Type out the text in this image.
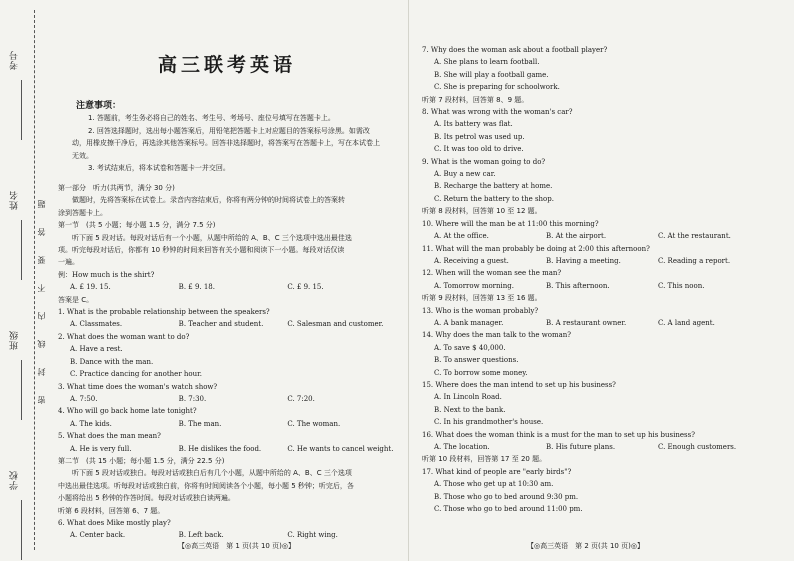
考号
姓名
班级
学校
题
答
要
不
内
线
封
密
高三联考英语
注意事项：

1. 答题前，考生务必将自己的姓名、考生号、考场号、座位号填写在答题卡上。

2. 回答选择题时，选出每小题答案后，用铅笔把答题卡上对应题目的答案标号涂黑。如需改动，用橡皮擦干净后，再选涂其他答案标号。回答非选择题时，将答案写在答题卡上，写在本试卷上无效。

3. 考试结束后，将本试卷和答题卡一并交回。

第一部分　听力(共两节，满分 30 分)
　　做题时，先将答案标在试卷上。录音内容结束后，你将有两分钟的时间将试卷上的答案转
涂到答题卡上。
第一节　(共 5 小题；每小题 1.5 分，满分 7.5 分)
　　听下面 5 段对话。每段对话后有一个小题，从题中所给的 A、B、C 三个选项中选出最佳选
项。听完每段对话后，你都有 10 秒钟的时间来回答有关小题和阅读下一小题。每段对话仅读
一遍。
例：How much is the shirt?
A. £ 19. 15.	B. £ 9. 18.	C. £ 9. 15.
答案是 C。
1. What is the probable relationship between the speakers?
A. Classmates.	B. Teacher and student.	C. Salesman and customer.
2. What does the woman want to do?
A. Have a rest.
B. Dance with the man.
C. Practice dancing for another hour.
3. What time does the woman's watch show?
A. 7:50.	B. 7:30.	C. 7:20.
4. Who will go back home late tonight?
A. The kids.	B. The man.	C. The woman.
5. What does the man mean?
A. He is very full.	B. He dislikes the food.	C. He wants to cancel weight.
第二节　(共 15 小题；每小题 1.5 分，满分 22.5 分)
　　听下面 5 段对话或独白。每段对话或独白后有几个小题，从题中所给的 A、B、C 三个选项
中选出最佳选项。听每段对话或独白前，你将有时间阅读各个小题，每小题 5 秒钟；听完后，各
小题将给出 5 秒钟的作答时间。每段对话或独白读两遍。
听第 6 段材料，回答第 6、7 题。
6. What does Mike mostly play?
A. Center back.	B. Left back.	C. Right wing.
【◎高三英语　第 1 页(共 10 页)◎】
7. Why does the woman ask about a football player?
A. She plans to learn football.
B. She will play a football game.
C. She is preparing for schoolwork.
听第 7 段材料，回答第 8、9 题。
8. What was wrong with the woman's car?
A. Its battery was flat.
B. Its petrol was used up.
C. It was too old to drive.
9. What is the woman going to do?
A. Buy a new car.
B. Recharge the battery at home.
C. Return the battery to the shop.
听第 8 段材料，回答第 10 至 12 题。
10. Where will the man be at 11:00 this morning?
A. At the office.	B. At the airport.	C. At the restaurant.
11. What will the man probably be doing at 2:00 this afternoon?
A. Receiving a guest.	B. Having a meeting.	C. Reading a report.
12. When will the woman see the man?
A. Tomorrow morning.	B. This afternoon.	C. This noon.
听第 9 段材料，回答第 13 至 16 题。
13. Who is the woman probably?
A. A bank manager.	B. A restaurant owner.	C. A land agent.
14. Why does the man talk to the woman?
A. To save $ 40,000.
B. To answer questions.
C. To borrow some money.
15. Where does the man intend to set up his business?
A. In Lincoln Road.
B. Next to the bank.
C. In his grandmother's house.
16. What does the woman think is a must for the man to set up his business?
A. The location.	B. His future plans.	C. Enough customers.
听第 10 段材料，回答第 17 至 20 题。
17. What kind of people are "early birds"?
A. Those who get up at 10:30 am.
B. Those who go to bed around 9:30 pm.
C. Those who go to bed around 11:00 pm.
【◎高三英语　第 2 页(共 10 页)◎】
